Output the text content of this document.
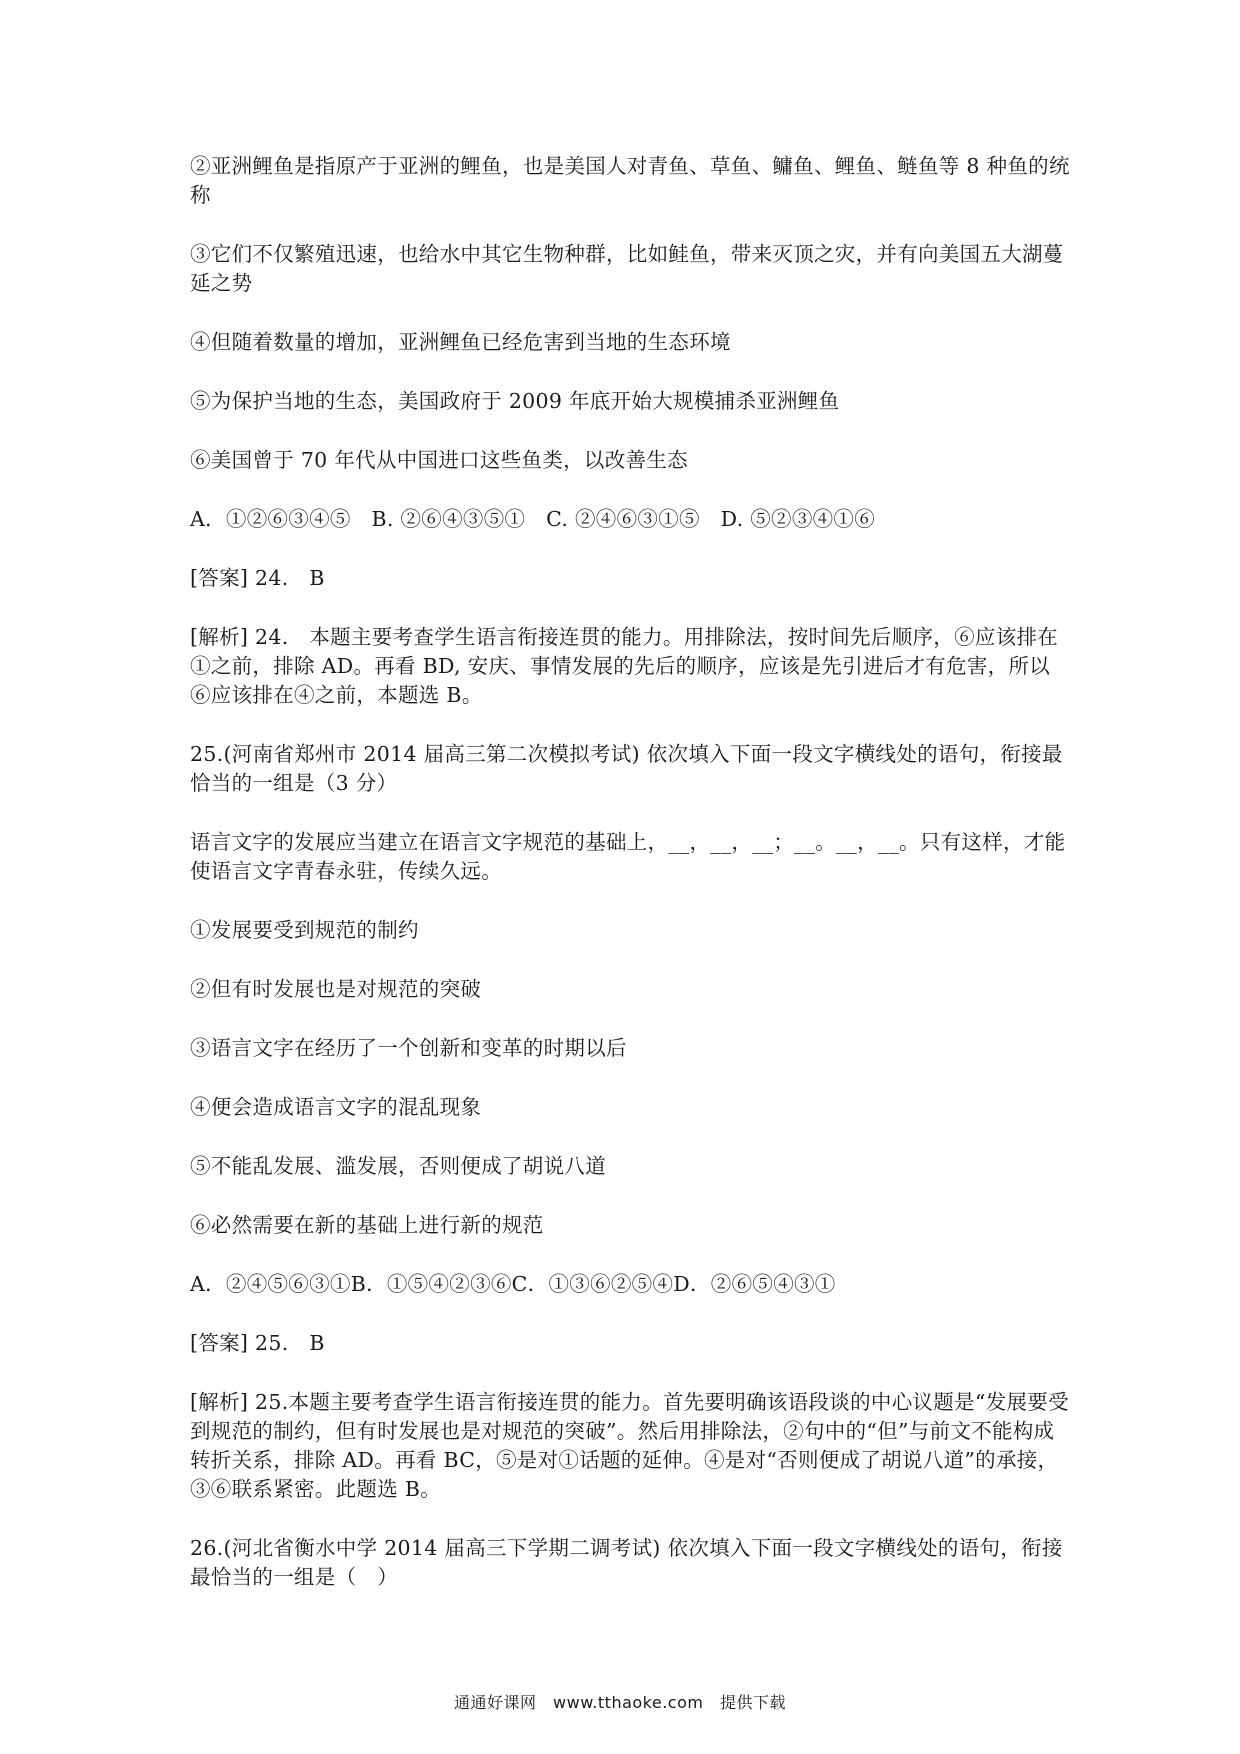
②亚洲鲤鱼是指原产于亚洲的鲤鱼，也是美国人对青鱼、草鱼、鳙鱼、鲤鱼、鲢鱼等 8 种鱼的统称

③它们不仅繁殖迅速，也给水中其它生物种群，比如鲑鱼，带来灭顶之灾，并有向美国五大湖蔓延之势

④但随着数量的增加，亚洲鲤鱼已经危害到当地的生态环境

⑤为保护当地的生态，美国政府于 2009 年底开始大规模捕杀亚洲鲤鱼

⑥美国曾于 70 年代从中国进口这些鱼类，以改善生态

A．①②⑥③④⑤　B. ②⑥④③⑤①　C. ②④⑥③①⑤　D. ⑤②③④①⑥

[答案] 24.　B

[解析] 24.　本题主要考查学生语言衔接连贯的能力。用排除法，按时间先后顺序，⑥应该排在①之前，排除 AD。再看 BD, 安庆、事情发展的先后的顺序，应该是先引进后才有危害，所以⑥应该排在④之前，本题选 B。

25.(河南省郑州市 2014 届高三第二次模拟考试) 依次填入下面一段文字横线处的语句，衔接最恰当的一组是（3 分）

语言文字的发展应当建立在语言文字规范的基础上，__，__，__；__。__，__。只有这样，才能使语言文字青春永驻，传续久远。

①发展要受到规范的制约

②但有时发展也是对规范的突破

③语言文字在经历了一个创新和变革的时期以后

④便会造成语言文字的混乱现象

⑤不能乱发展、滥发展，否则便成了胡说八道

⑥必然需要在新的基础上进行新的规范

A．②④⑤⑥③①B．①⑤④②③⑥C．①③⑥②⑤④D．②⑥⑤④③①

[答案] 25.　B

[解析] 25.本题主要考查学生语言衔接连贯的能力。首先要明确该语段谈的中心议题是“发展要受到规范的制约，但有时发展也是对规范的突破”。然后用排除法，②句中的“但”与前文不能构成转折关系，排除 AD。再看 BC，⑤是对①话题的延伸。④是对“否则便成了胡说八道”的承接，③⑥联系紧密。此题选 B。

26.(河北省衡水中学 2014 届高三下学期二调考试) 依次填入下面一段文字横线处的语句，衔接最恰当的一组是（　）

通通好课网　www.tthaoke.com　提供下载
